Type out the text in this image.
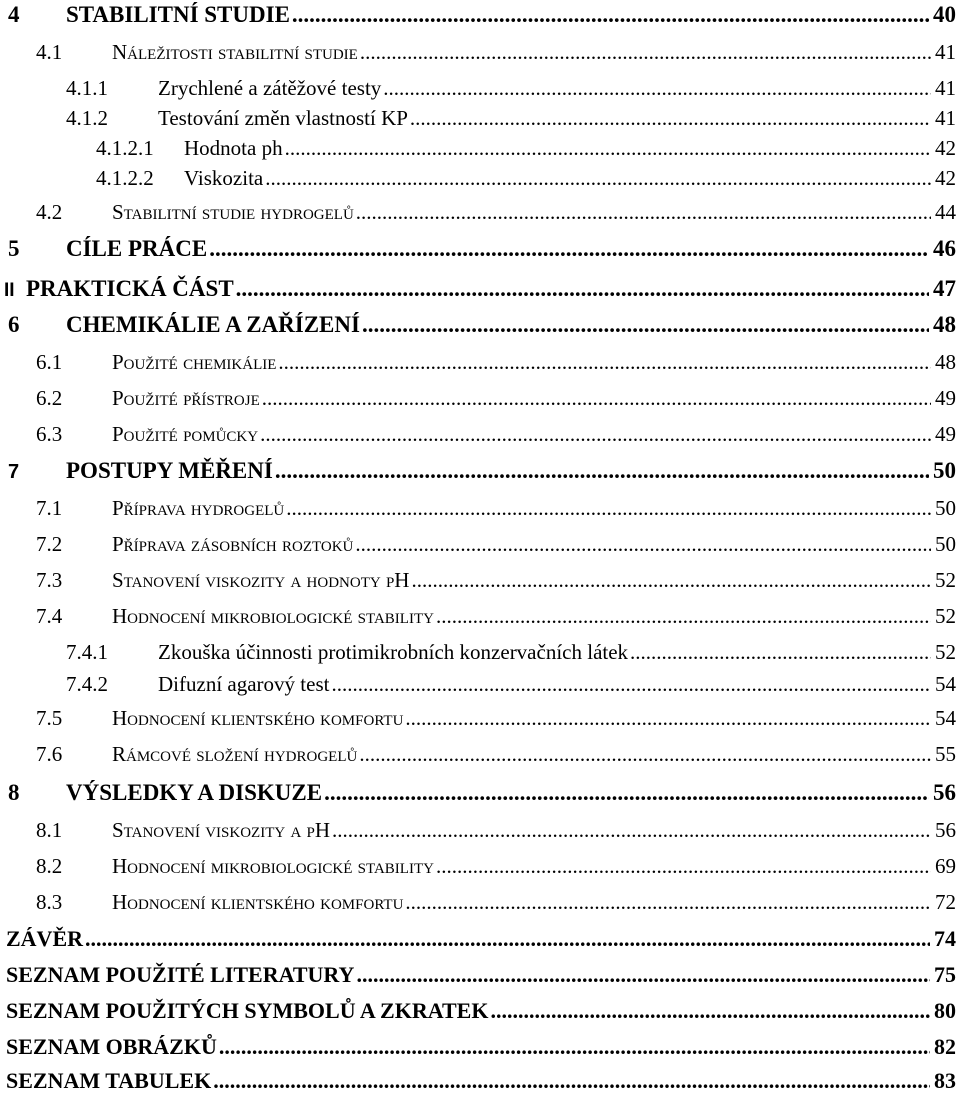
4	STABILITNÍ STUDIE .....	40
4.1	Náležitosti stabilitní studie .....	41
4.1.1	Zrychlené a zátěžové testy .....	41
4.1.2	Testování změn vlastností KP .....	41
4.1.2.1	Hodnota ph .....	42
4.1.2.2	Viskozita .....	42
4.2	Stabilitní studie hydrogelů .....	44
5	CÍLE PRÁCE .....	46
II PRAKTICKÁ ČÁST .....	47
6	CHEMIKÁLIE A ZAŘÍZENÍ .....	48
6.1	Použité chemikálie .....	48
6.2	Použité přístroje .....	49
6.3	Použité pomůcky .....	49
7	POSTUPY MĚŘENÍ .....	50
7.1	Příprava hydrogelů .....	50
7.2	Příprava zásobních roztoků .....	50
7.3	Stanovení viskozity a hodnoty pH .....	52
7.4	Hodnocení mikrobiologické stability .....	52
7.4.1	Zkouška účinnosti protimikrobních konzervačních látek .....	52
7.4.2	Difuzní agarový test .....	54
7.5	Hodnocení klientského komfortu .....	54
7.6	Rámcové složení hydrogelů .....	55
8	VÝSLEDKY A DISKUZE .....	56
8.1	Stanovení viskozity a pH .....	56
8.2	Hodnocení mikrobiologické stability .....	69
8.3	Hodnocení klientského komfortu .....	72
ZÁVĚR .....	74
SEZNAM POUŽITÉ LITERATURY .....	75
SEZNAM POUŽITÝCH SYMBOLŮ A ZKRATEK .....	80
SEZNAM OBRÁZKŮ .....	82
SEZNAM TABULEK .....	83
